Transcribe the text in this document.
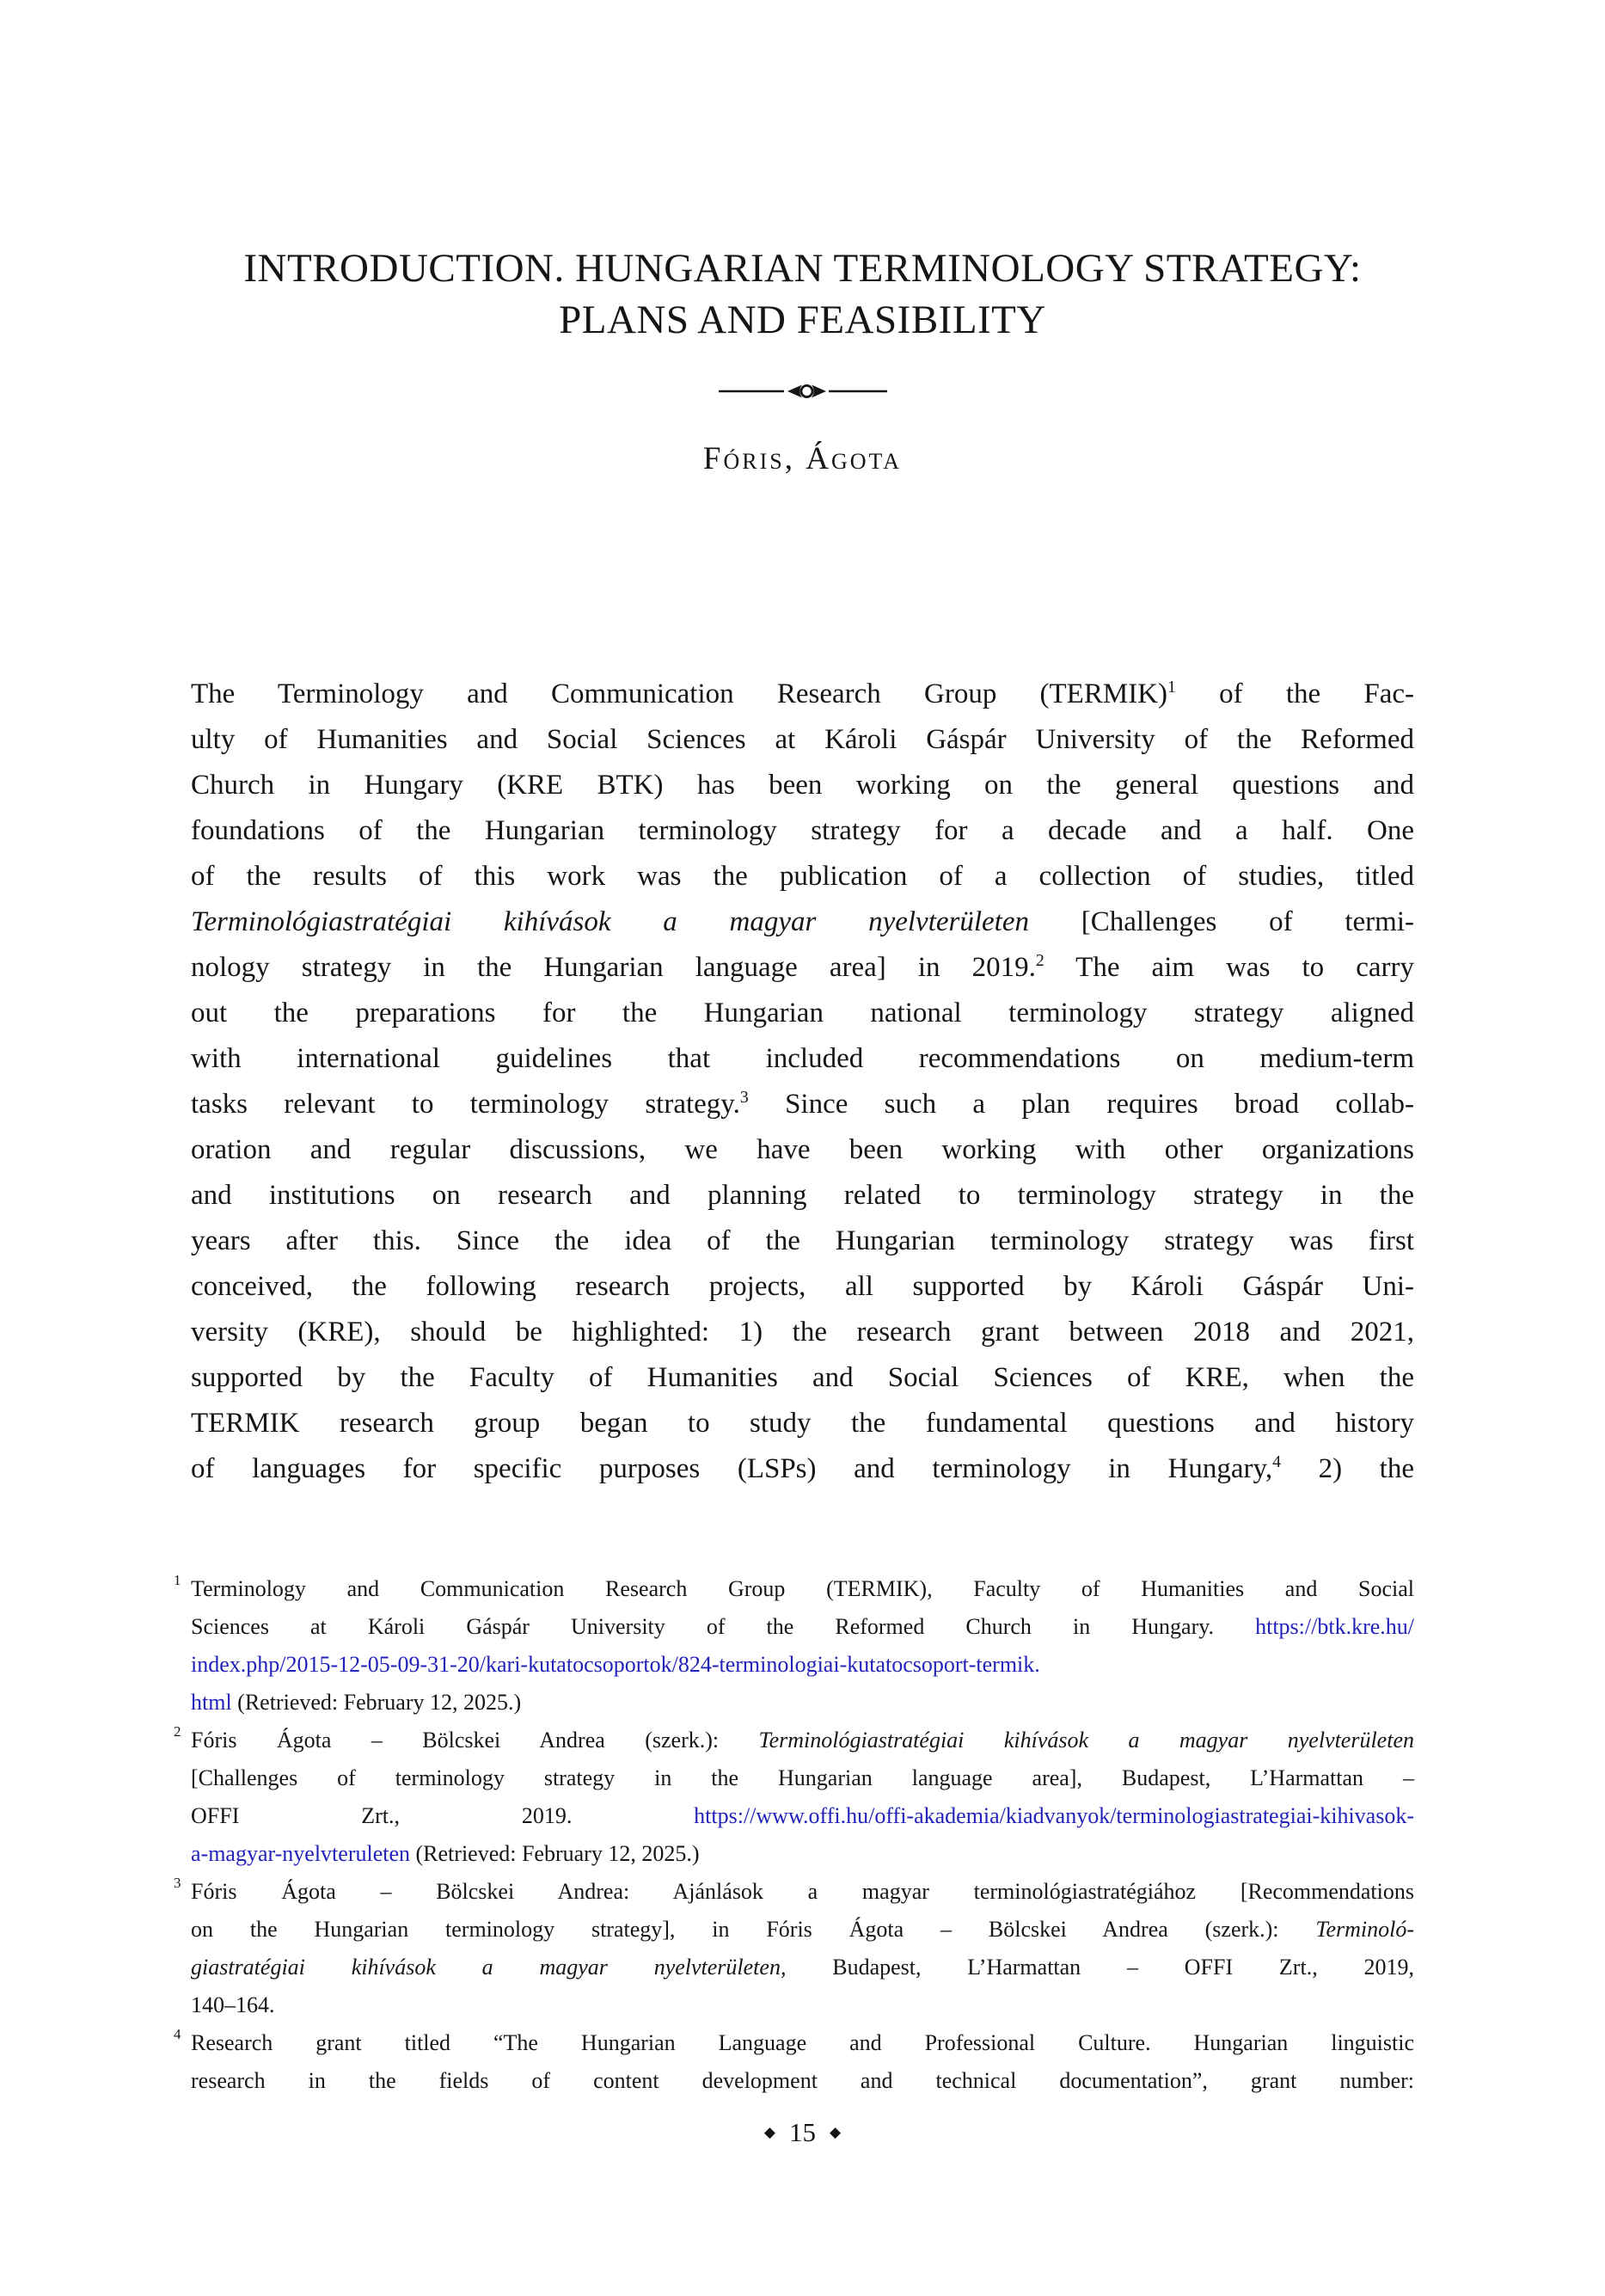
INTRODUCTION. HUNGARIAN TERMINOLOGY STRATEGY: PLANS AND FEASIBILITY
Fóris, Ágota
The Terminology and Communication Research Group (TERMIK)$^1$ of the Fac-
ulty of Humanities and Social Sciences at Károli Gáspár University of the Reformed
Church in Hungary (KRE BTK) has been working on the general questions and
foundations of the Hungarian terminology strategy for a decade and a half. One
of the results of this work was the publication of a collection of studies, titled
Terminológiastratégiai kihívások a magyar nyelvterületen [Challenges of termi-
nology strategy in the Hungarian language area] in 2019.$^2$ The aim was to carry
out the preparations for the Hungarian national terminology strategy aligned
with international guidelines that included recommendations on medium-term
tasks relevant to terminology strategy.$^3$ Since such a plan requires broad collab-
oration and regular discussions, we have been working with other organizations
and institutions on research and planning related to terminology strategy in the
years after this. Since the idea of the Hungarian terminology strategy was first
conceived, the following research projects, all supported by Károli Gáspár Uni-
versity (KRE), should be highlighted: 1) the research grant between 2018 and 2021,
supported by the Faculty of Humanities and Social Sciences of KRE, when the
TERMIK research group began to study the fundamental questions and history
of languages for specific purposes (LSPs) and terminology in Hungary,$^4$ 2) the
1 Terminology and Communication Research Group (TERMIK), Faculty of Humanities and Social
Sciences at Károli Gáspár University of the Reformed Church in Hungary. https://btk.kre.hu/
index.php/2015-12-05-09-31-20/kari-kutatocsoportok/824-terminologiai-kutatocsoport-termik.
html (Retrieved: February 12, 2025.)
2 Fóris Ágota – Bölcskei Andrea (szerk.): Terminológiastratégiai kihívások a magyar nyelvterületen
[Challenges of terminology strategy in the Hungarian language area], Budapest, L’Harmattan –
OFFI Zrt., 2019. https://www.offi.hu/offi-akademia/kiadvanyok/terminologiastrategiai-kihivasok-
a-magyar-nyelvteruleten (Retrieved: February 12, 2025.)
3 Fóris Ágota – Bölcskei Andrea: Ajánlások a magyar terminológiastratégiához [Recommendations
on the Hungarian terminology strategy], in Fóris Ágota – Bölcskei Andrea (szerk.): Terminoló-
giastratégiai kihívások a magyar nyelvterületen, Budapest, L’Harmattan – OFFI Zrt., 2019,
140–164.
4 Research grant titled “The Hungarian Language and Professional Culture. Hungarian linguistic
research in the fields of content development and technical documentation”, grant number:
◆ 15 ◆
